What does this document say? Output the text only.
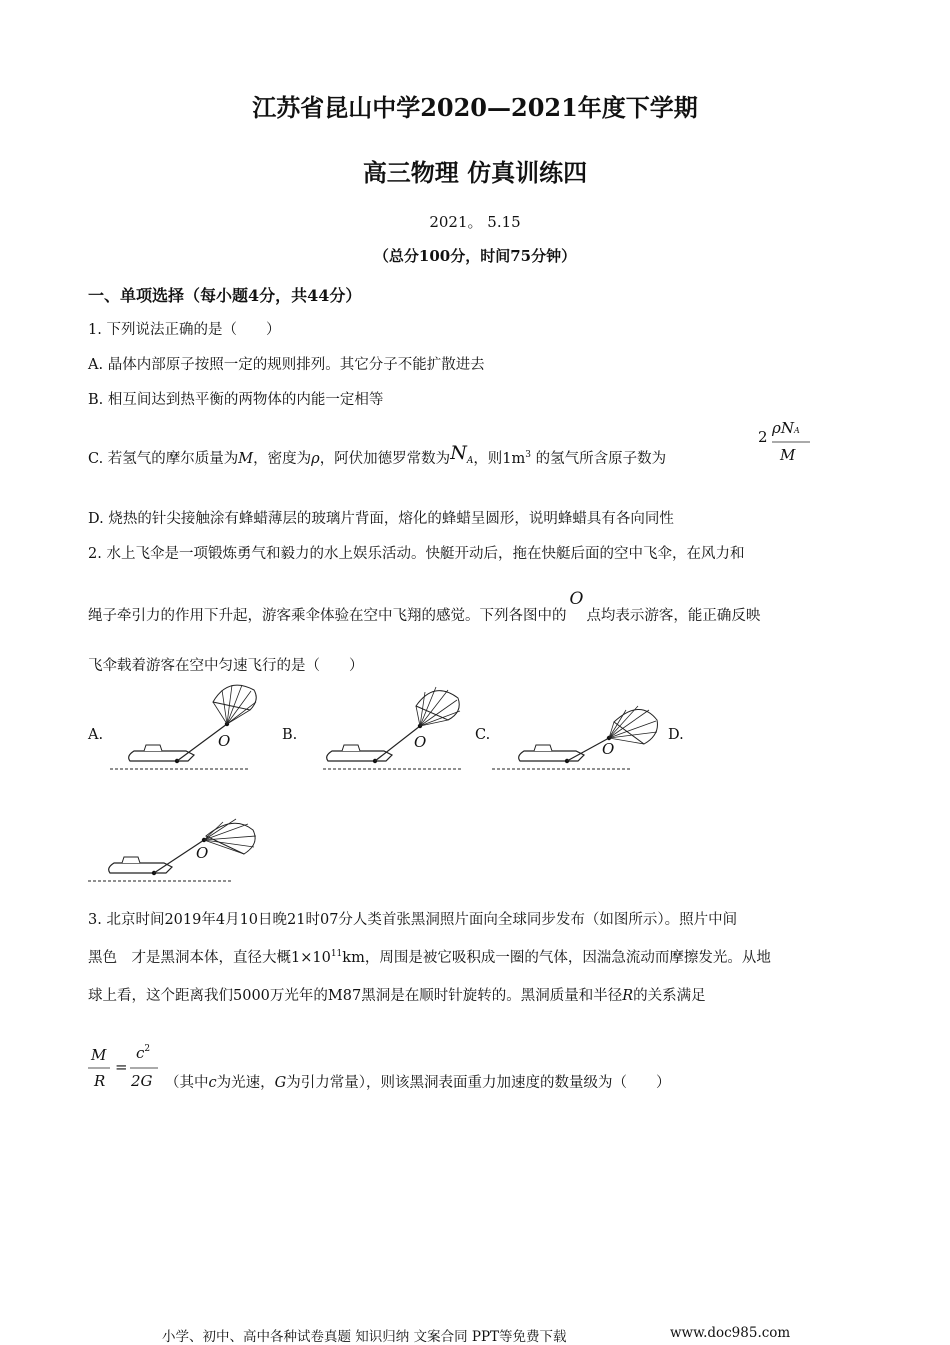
江苏省昆山中学2020—2021年度下学期
高三物理 仿真训练四
2021。 5.15
（总分100分，时间75分钟）
一、单项选择（每小题4分，共44分）
1. 下列说法正确的是（　　）
A. 晶体内部原子按照一定的规则排列。其它分子不能扩散进去
B. 相互间达到热平衡的两物体的内能一定相等
C. 若氢气的摩尔质量为M，密度为ρ，阿伏加德罗常数为NA，则$1m^3$ 的氢气所含原子数为
2 ρNA
M
D. 烧热的针尖接触涂有蜂蜡薄层的玻璃片背面，熔化的蜂蜡呈圆形，说明蜂蜡具有各向同性
2. 水上飞伞是一项锻炼勇气和毅力的水上娱乐活动。快艇开动后，拖在快艇后面的空中飞伞，在风力和
绳子牵引力的作用下升起，游客乘伞体验在空中飞翔的感觉。下列各图中的O点均表示游客，能正确反映
飞伞载着游客在空中匀速飞行的是（　　）
A.	B.	C.	D.
O	O	O
O
3. 北京时间2019年4月10日晚21时07分人类首张黑洞照片面向全球同步发布（如图所示）。照片中间
黑色　才是黑洞本体，直径大概$1\times 10^{11}km$，周围是被它吸积成一圈的气体，因湍急流动而摩擦发光。从地
球上看，这个距离我们5000万光年的M87黑洞是在顺时针旋转的。黑洞质量和半径R的关系满足
M
R
=
$c^2$
2G （其中c为光速，G为引力常量），则该黑洞表面重力加速度的数量级为（　　）
小学、初中、高中各种试卷真题 知识归纳 文案合同 PPT等免费下载	www.doc985.com
